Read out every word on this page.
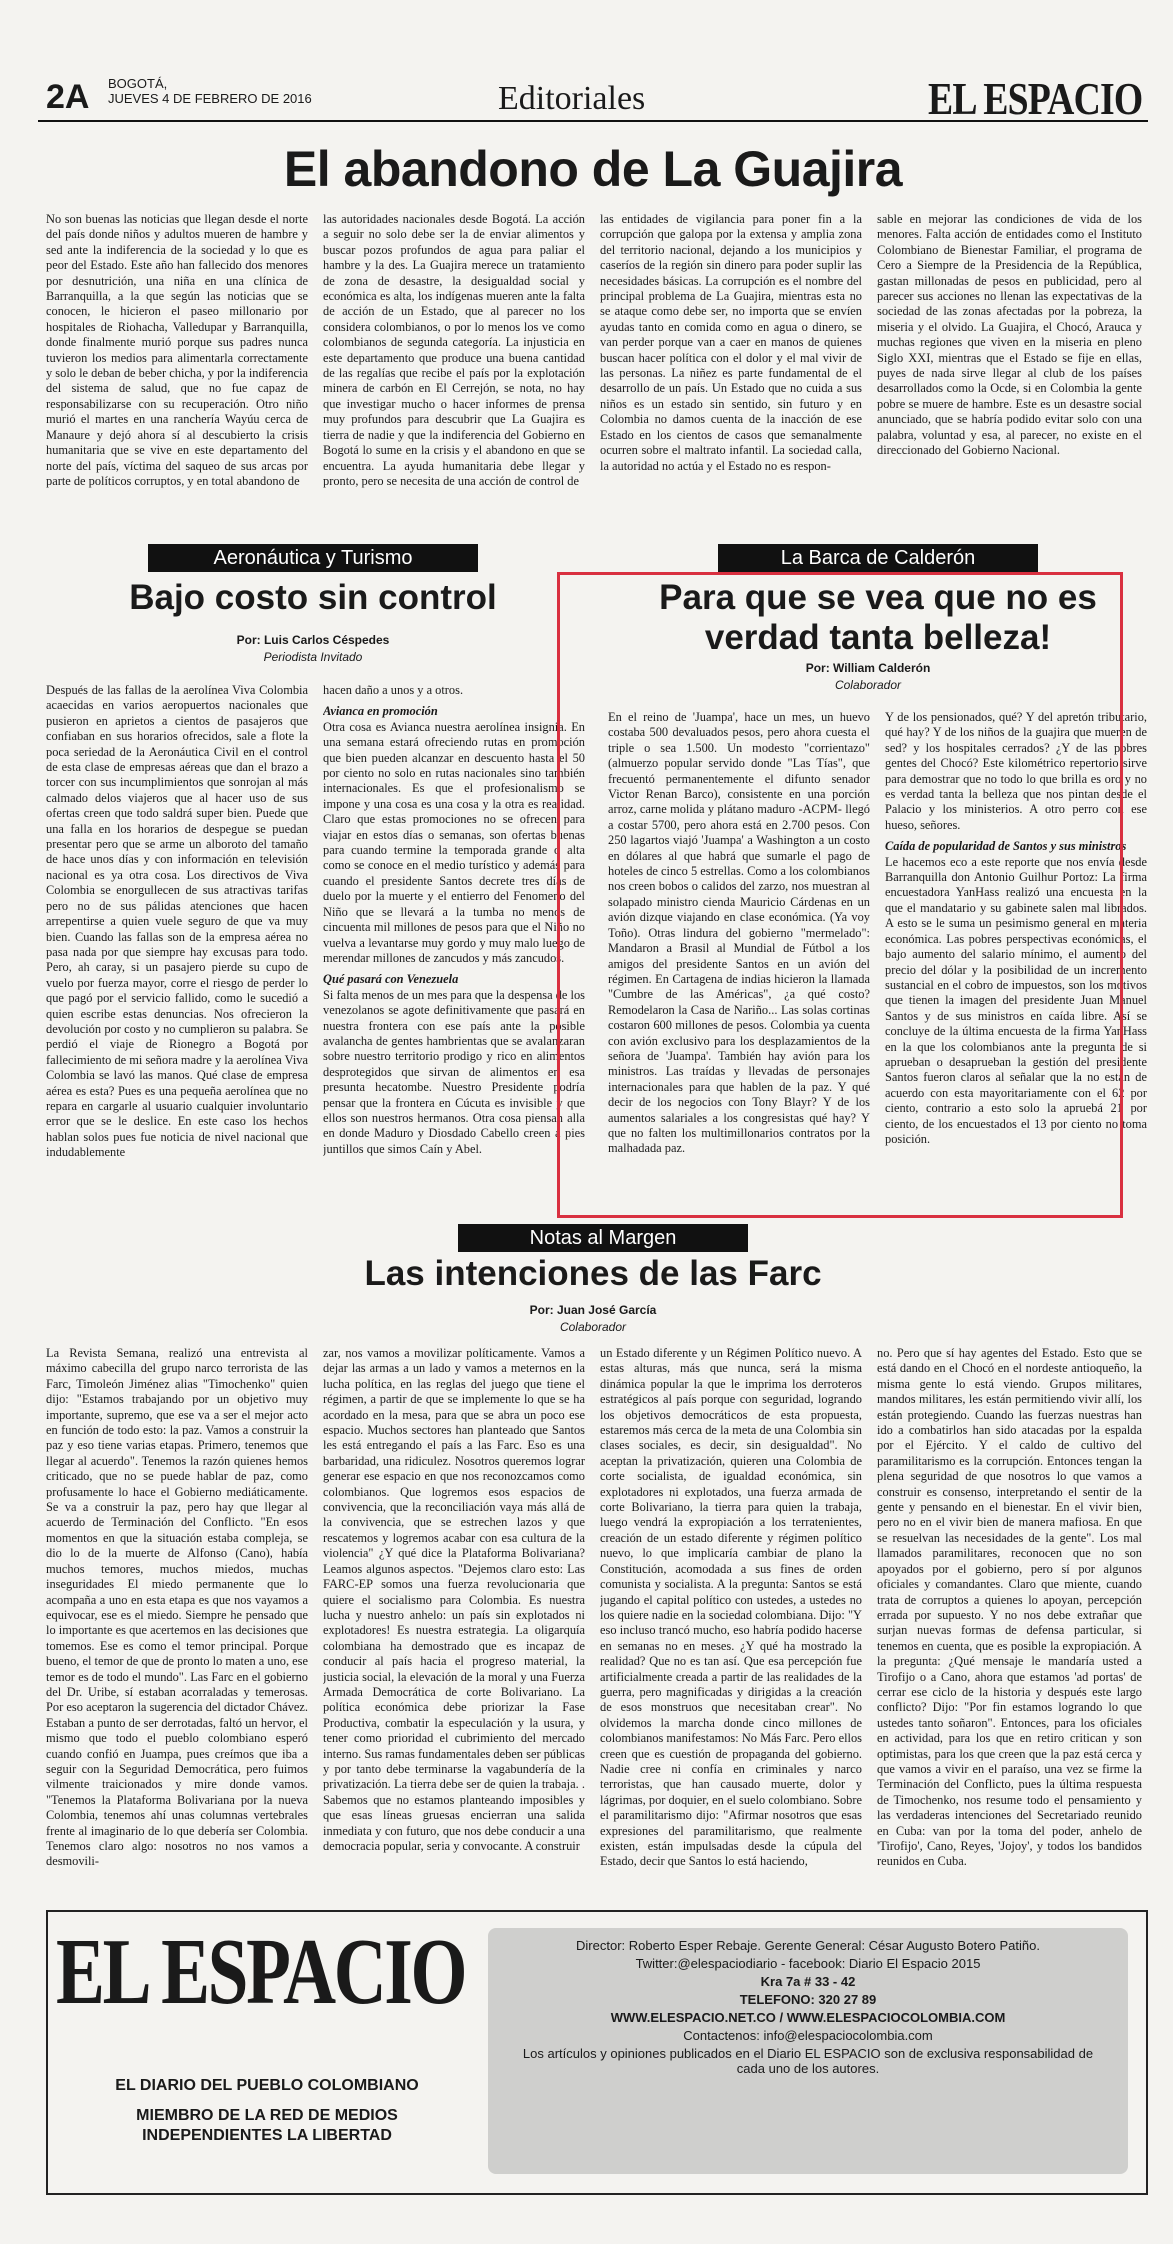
2A BOGOTÁ,
JUEVES 4 DE FEBRERO DE 2016	Editoriales	EL ESPACIO
El abandono de La Guajira
No son buenas las noticias que llegan desde el norte del país donde niños y adultos mueren de hambre y sed ante la indiferencia de la sociedad y lo que es peor del Estado. Este año han fallecido dos menores por desnutrición, una niña en una clínica de Barranquilla, a la que según las noticias que se conocen, le hicieron el paseo millonario por hospitales de Riohacha, Valledupar y Barranquilla, donde finalmente murió porque sus padres nunca tuvieron los medios para alimentarla correctamente y solo le deban de beber chicha, y por la indiferencia del sistema de salud, que no fue capaz de responsabilizarse con su recuperación. Otro niño murió el martes en una ranchería Wayúu cerca de Manaure y dejó ahora sí al descubierto la crisis humanitaria que se vive en este departamento del norte del país, víctima del saqueo de sus arcas por parte de políticos corruptos, y en total abandono de
las autoridades nacionales desde Bogotá. La acción a seguir no solo debe ser la de enviar alimentos y buscar pozos profundos de agua para paliar el hambre y la des. La Guajira merece un tratamiento de zona de desastre, la desigualdad social y económica es alta, los indígenas mueren ante la falta de acción de un Estado, que al parecer no los considera colombianos, o por lo menos los ve como colombianos de segunda categoría. La injusticia en este departamento que produce una buena cantidad de las regalías que recibe el país por la explotación minera de carbón en El Cerrejón, se nota, no hay que investigar mucho o hacer informes de prensa muy profundos para descubrir que La Guajira es tierra de nadie y que la indiferencia del Gobierno en Bogotá lo sume en la crisis y el abandono en que se encuentra. La ayuda humanitaria debe llegar y pronto, pero se necesita de una acción de control de
las entidades de vigilancia para poner fin a la corrupción que galopa por la extensa y amplia zona del territorio nacional, dejando a los municipios y caseríos de la región sin dinero para poder suplir las necesidades básicas. La corrupción es el nombre del principal problema de La Guajira, mientras esta no se ataque como debe ser, no importa que se envíen ayudas tanto en comida como en agua o dinero, se van perder porque van a caer en manos de quienes buscan hacer política con el dolor y el mal vivir de las personas. La niñez es parte fundamental de el desarrollo de un país. Un Estado que no cuida a sus niños es un estado sin sentido, sin futuro y en Colombia no damos cuenta de la inacción de ese Estado en los cientos de casos que semanalmente ocurren sobre el maltrato infantil. La sociedad calla, la autoridad no actúa y el Estado no es respon-
sable en mejorar las condiciones de vida de los menores. Falta acción de entidades como el Instituto Colombiano de Bienestar Familiar, el programa de Cero a Siempre de la Presidencia de la República, gastan millonadas de pesos en publicidad, pero al parecer sus acciones no llenan las expectativas de la sociedad de las zonas afectadas por la pobreza, la miseria y el olvido. La Guajira, el Chocó, Arauca y muchas regiones que viven en la miseria en pleno Siglo XXI, mientras que el Estado se fije en ellas, puyes de nada sirve llegar al club de los países desarrollados como la Ocde, si en Colombia la gente pobre se muere de hambre. Este es un desastre social anunciado, que se habría podido evitar solo con una palabra, voluntad y esa, al parecer, no existe en el direccionado del Gobierno Nacional.
Aeronáutica y Turismo
Bajo costo sin control
Por: Luis Carlos Céspedes
Periodista Invitado
Después de las fallas de la aerolínea Viva Colombia acaecidas en varios aeropuertos nacionales que pusieron en aprietos a cientos de pasajeros que confiaban en sus horarios ofrecidos, sale a flote la poca seriedad de la Aeronáutica Civil en el control de esta clase de empresas aéreas que dan el brazo a torcer con sus incumplimientos que sonrojan al más calmado delos viajeros que al hacer uso de sus ofertas creen que todo saldrá super bien. Puede que una falla en los horarios de despegue se puedan presentar pero que se arme un alboroto del tamaño de hace unos días y con información en televisión nacional es ya otra cosa. Los directivos de Viva Colombia se enorgullecen de sus atractivas tarifas pero no de sus pálidas atenciones que hacen arrepentirse a quien vuele seguro de que va muy bien. Cuando las fallas son de la empresa aérea no pasa nada por que siempre hay excusas para todo. Pero, ah caray, si un pasajero pierde su cupo de vuelo por fuerza mayor, corre el riesgo de perder lo que pagó por el servicio fallido, como le sucedió a quien escribe estas denuncias. Nos ofrecieron la devolución por costo y no cumplieron su palabra. Se perdió el viaje de Rionegro a Bogotá por fallecimiento de mi señora madre y la aerolínea Viva Colombia se lavó las manos. Qué clase de empresa aérea es esta? Pues es una pequeña aerolínea que no repara en cargarle al usuario cualquier involuntario error que se le deslice. En este caso los hechos hablan solos pues fue noticia de nivel nacional que indudablemente

hacen daño a unos y a otros.

Avianca en promoción

Otra cosa es Avianca nuestra aerolínea insignia. En una semana estará ofreciendo rutas en promoción que bien pueden alcanzar en descuento hasta el 50 por ciento no solo en rutas nacionales sino también internacionales. Es que el profesionalismo se impone y una cosa es una cosa y la otra es realidad. Claro que estas promociones no se ofrecen para viajar en estos días o semanas, son ofertas buenas para cuando termine la temporada grande o alta como se conoce en el medio turístico y además para cuando el presidente Santos decrete tres días de duelo por la muerte y el entierro del Fenomeno del Niño que se llevará a la tumba no menos de cincuenta mil millones de pesos para que el Niño no vuelva a levantarse muy gordo y muy malo luego de merendar millones de zancudos y más zancudos.

Qué pasará con Venezuela

Si falta menos de un mes para que la despensa de los venezolanos se agote definitivamente que pasará en nuestra frontera con ese país ante la posible avalancha de gentes hambrientas que se avalanzaran sobre nuestro territorio prodigo y rico en alimentos desprotegidos que sirvan de alimentos en esa presunta hecatombe. Nuestro Presidente podría pensar que la frontera en Cúcuta es invisible y que ellos son nuestros hermanos. Otra cosa piensan alla en donde Maduro y Diosdado Cabello creen a pies juntillos que simos Caín y Abel.

La Barca de Calderón
Para que se vea que no es verdad tanta belleza!
Por: William Calderón
Colaborador
En el reino de 'Juampa', hace un mes, un huevo costaba 500 devaluados pesos, pero ahora cuesta el triple o sea 1.500. Un modesto "corrientazo" (almuerzo popular servido donde "Las Tías", que frecuentó permanentemente el difunto senador Victor Renan Barco), consistente en una porción arroz, carne molida y plátano maduro -ACPM- llegó a costar 5700, pero ahora está en 2.700 pesos. Con 250 lagartos viajó 'Juampa' a Washington a un costo en dólares al que habrá que sumarle el pago de hoteles de cinco 5 estrellas. Como a los colombianos nos creen bobos o calidos del zarzo, nos muestran al solapado ministro cienda Mauricio Cárdenas en un avión dizque viajando en clase económica. (Ya voy Toño). Otras lindura del gobierno "mermelado": Mandaron a Brasil al Mundial de Fútbol a los amigos del presidente Santos en un avión del régimen. En Cartagena de indias hicieron la llamada "Cumbre de las Américas", ¿a qué costo? Remodelaron la Casa de Nariño... Las solas cortinas costaron 600 millones de pesos. Colombia ya cuenta con avión exclusivo para los desplazamientos de la señora de 'Juampa'. También hay avión para los ministros. Las traídas y llevadas de personajes internacionales para que hablen de la paz. Y qué decir de los negocios con Tony Blayr? Y de los aumentos salariales a los congresistas qué hay? Y que no falten los multimillonarios contratos por la malhadada paz.

Y de los pensionados, qué? Y del apretón tributario, qué hay? Y de los niños de la guajira que mueren de sed? y los hospitales cerrados? ¿Y de las pobres gentes del Chocó? Este kilométrico repertorio sirve para demostrar que no todo lo que brilla es oro y no es verdad tanta la belleza que nos pintan desde el Palacio y los ministerios. A otro perro con ese hueso, señores.

Caída de popularidad de Santos y sus ministros

Le hacemos eco a este reporte que nos envía desde Barranquilla don Antonio Guilhur Portoz: La firma encuestadora YanHass realizó una encuesta en la que el mandatario y su gabinete salen mal librados. A esto se le suma un pesimismo general en materia económica. Las pobres perspectivas económicas, el bajo aumento del salario mínimo, el aumento del precio del dólar y la posibilidad de un incremento sustancial en el cobro de impuestos, son los motivos que tienen la imagen del presidente Juan Manuel Santos y de sus ministros en caída libre. Así se concluye de la última encuesta de la firma YanHass en la que los colombianos ante la pregunta de si aprueban o desaprueban la gestión del presidente Santos fueron claros al señalar que la no están de acuerdo con esta mayoritariamente con el 62 por ciento, contrario a esto solo la apruebá 21 por ciento, de los encuestados el 13 por ciento no toma posición.

Notas al Margen
Las intenciones de las Farc
Por: Juan José García
Colaborador
La Revista Semana, realizó una entrevista al máximo cabecilla del grupo narco terrorista de las Farc, Timoleón Jiménez alias "Timochenko" quien dijo: "Estamos trabajando por un objetivo muy importante, supremo, que ese va a ser el mejor acto en función de todo esto: la paz. Vamos a construir la paz y eso tiene varias etapas. Primero, tenemos que llegar al acuerdo". Tenemos la razón quienes hemos criticado, que no se puede hablar de paz, como profusamente lo hace el Gobierno mediáticamente. Se va a construir la paz, pero hay que llegar al acuerdo de Terminación del Conflicto. "En esos momentos en que la situación estaba compleja, se dio lo de la muerte de Alfonso (Cano), había muchos temores, muchos miedos, muchas inseguridades El miedo permanente que lo acompaña a uno en esta etapa es que nos vayamos a equivocar, ese es el miedo. Siempre he pensado que lo importante es que acertemos en las decisiones que tomemos. Ese es como el temor principal. Porque bueno, el temor de que de pronto lo maten a uno, ese temor es de todo el mundo". Las Farc en el gobierno del Dr. Uribe, sí estaban acorraladas y temerosas. Por eso aceptaron la sugerencia del dictador Chávez. Estaban a punto de ser derrotadas, faltó un hervor, el mismo que todo el pueblo colombiano esperó cuando confió en Juampa, pues creímos que iba a seguir con la Seguridad Democrática, pero fuimos vilmente traicionados y mire donde vamos. "Tenemos la Plataforma Bolivariana por la nueva Colombia, tenemos ahí unas columnas vertebrales frente al imaginario de lo que debería ser Colombia. Tenemos claro algo: nosotros no nos vamos a desmovili-
zar, nos vamos a movilizar políticamente. Vamos a dejar las armas a un lado y vamos a meternos en la lucha política, en las reglas del juego que tiene el régimen, a partir de que se implemente lo que se ha acordado en la mesa, para que se abra un poco ese espacio. Muchos sectores han planteado que Santos les está entregando el país a las Farc. Eso es una barbaridad, una ridiculez. Nosotros queremos lograr generar ese espacio en que nos reconozcamos como colombianos. Que logremos esos espacios de convivencia, que la reconciliación vaya más allá de la convivencia, que se estrechen lazos y que rescatemos y logremos acabar con esa cultura de la violencia" ¿Y qué dice la Plataforma Bolivariana? Leamos algunos aspectos. "Dejemos claro esto: Las FARC-EP somos una fuerza revolucionaria que quiere el socialismo para Colombia. Es nuestra lucha y nuestro anhelo: un país sin explotados ni explotadores! Es nuestra estrategia. La oligarquía colombiana ha demostrado que es incapaz de conducir al país hacia el progreso material, la justicia social, la elevación de la moral y una Fuerza Armada Democrática de corte Bolivariano. La política económica debe priorizar la Fase Productiva, combatir la especulación y la usura, y tener como prioridad el cubrimiento del mercado interno. Sus ramas fundamentales deben ser públicas y por tanto debe terminarse la vagabundería de la privatización. La tierra debe ser de quien la trabaja. . Sabemos que no estamos planteando imposibles y que esas líneas gruesas encierran una salida inmediata y con futuro, que nos debe conducir a una democracia popular, seria y convocante. A construir
un Estado diferente y un Régimen Político nuevo. A estas alturas, más que nunca, será la misma dinámica popular la que le imprima los derroteros estratégicos al país porque con seguridad, logrando los objetivos democráticos de esta propuesta, estaremos más cerca de la meta de una Colombia sin clases sociales, es decir, sin desigualdad". No aceptan la privatización, quieren una Colombia de corte socialista, de igualdad económica, sin explotadores ni explotados, una fuerza armada de corte Bolivariano, la tierra para quien la trabaja, luego vendrá la expropiación a los terratenientes, creación de un estado diferente y régimen político nuevo, lo que implicaría cambiar de plano la Constitución, acomodada a sus fines de orden comunista y socialista. A la pregunta: Santos se está jugando el capital político con ustedes, a ustedes no los quiere nadie en la sociedad colombiana. Dijo: "Y eso incluso trancó mucho, eso habría podido hacerse en semanas no en meses. ¿Y qué ha mostrado la realidad? Que no es tan así. Que esa percepción fue artificialmente creada a partir de las realidades de la guerra, pero magnificadas y dirigidas a la creación de esos monstruos que necesitaban crear". No olvidemos la marcha donde cinco millones de colombianos manifestamos: No Más Farc. Pero ellos creen que es cuestión de propaganda del gobierno. Nadie cree ni confía en criminales y narco terroristas, que han causado muerte, dolor y lágrimas, por doquier, en el suelo colombiano. Sobre el paramilitarismo dijo: "Afirmar nosotros que esas expresiones del paramilitarismo, que realmente existen, están impulsadas desde la cúpula del Estado, decir que Santos lo está haciendo,
no. Pero que sí hay agentes del Estado. Esto que se está dando en el Chocó en el nordeste antioqueño, la misma gente lo está viendo. Grupos militares, mandos militares, les están permitiendo vivir allí, los están protegiendo. Cuando las fuerzas nuestras han ido a combatirlos han sido atacadas por la espalda por el Ejército. Y el caldo de cultivo del paramilitarismo es la corrupción. Entonces tengan la plena seguridad de que nosotros lo que vamos a construir es consenso, interpretando el sentir de la gente y pensando en el bienestar. En el vivir bien, pero no en el vivir bien de manera mafiosa. En que se resuelvan las necesidades de la gente". Los mal llamados paramilitares, reconocen que no son apoyados por el gobierno, pero sí por algunos oficiales y comandantes. Claro que miente, cuando trata de corruptos a quienes lo apoyan, percepción errada por supuesto. Y no nos debe extrañar que surjan nuevas formas de defensa particular, si tenemos en cuenta, que es posible la expropiación. A la pregunta: ¿Qué mensaje le mandaría usted a Tirofijo o a Cano, ahora que estamos 'ad portas' de cerrar ese ciclo de la historia y después este largo conflicto? Dijo: "Por fin estamos logrando lo que ustedes tanto soñaron". Entonces, para los oficiales en actividad, para los que en retiro critican y son optimistas, para los que creen que la paz está cerca y que vamos a vivir en el paraíso, una vez se firme la Terminación del Conflicto, pues la última respuesta de Timochenko, nos resume todo el pensamiento y las verdaderas intenciones del Secretariado reunido en Cuba: van por la toma del poder, anhelo de 'Tirofijo', Cano, Reyes, 'Jojoy', y todos los bandidos reunidos en Cuba.
EL ESPACIO
EL DIARIO DEL PUEBLO COLOMBIANO
MIEMBRO DE LA RED DE MEDIOS
INDEPENDIENTES LA LIBERTAD
Director: Roberto Esper Rebaje. Gerente General: César Augusto Botero Patiño.
Twitter:@elespaciodiario - facebook: Diario El Espacio 2015
Kra 7a # 33 - 42
TELEFONO: 320 27 89
WWW.ELESPACIO.NET.CO / WWW.ELESPACIOCOLOMBIA.COM
Contactenos: info@elespaciocolombia.com
Los artículos y opiniones publicados en el Diario EL ESPACIO son de exclusiva responsabilidad de cada uno de los autores.
